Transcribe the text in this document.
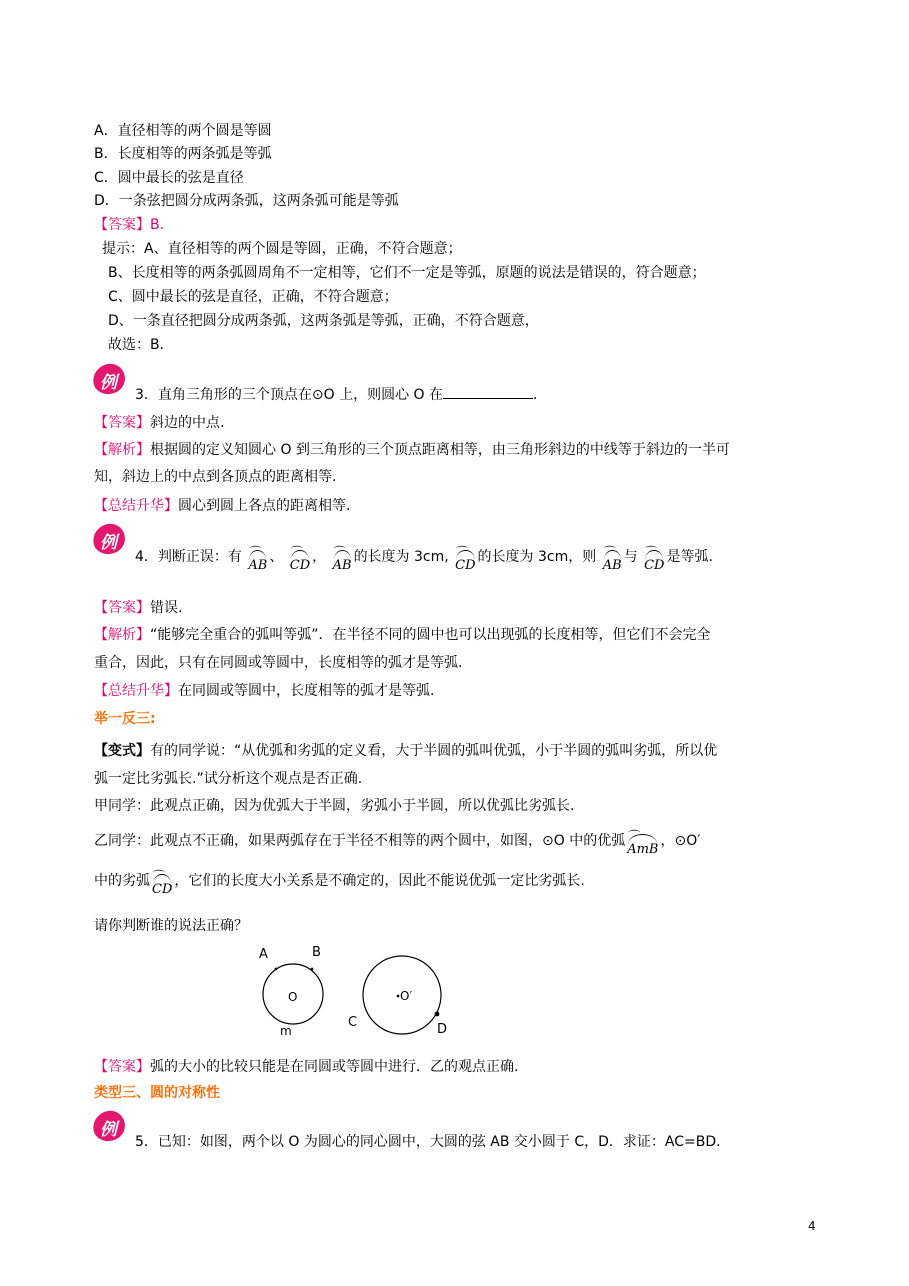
A．直径相等的两个圆是等圆
B．长度相等的两条弧是等弧
C．圆中最长的弦是直径
D．一条弦把圆分成两条弧，这两条弧可能是等弧
【答案】B.
提示：A、直径相等的两个圆是等圆，正确，不符合题意；
B、长度相等的两条弧圆周角不一定相等，它们不一定是等弧，原题的说法是错误的，符合题意；
C、圆中最长的弦是直径，正确，不符合题意；
D、一条直径把圆分成两条弧，这两条弧是等弧，正确，不符合题意，
故选：B．
例
3．直角三角形的三个顶点在⊙O 上，则圆心 O 在	.
【答案】斜边的中点.
【解析】根据圆的定义知圆心 O 到三角形的三个顶点距离相等，由三角形斜边的中线等于斜边的一半可
知，斜边上的中点到各顶点的距离相等.
【总结升华】圆心到圆上各点的距离相等.
例
4．判断正误：有 ⌒
AB、 ⌒
CD， ⌒
AB的长度为 3cm, ⌒
CD的长度为 3cm，则 ⌒
AB与 ⌒
CD是等弧.
【答案】错误.
【解析】“能够完全重合的弧叫等弧”．在半径不同的圆中也可以出现弧的长度相等，但它们不会完全
重合，因此，只有在同圆或等圆中，长度相等的弧才是等弧.
【总结升华】在同圆或等圆中，长度相等的弧才是等弧.
举一反三:
【变式】有的同学说：“从优弧和劣弧的定义看，大于半圆的弧叫优弧，小于半圆的弧叫劣弧，所以优
弧一定比劣弧长.”试分析这个观点是否正确.
甲同学：此观点正确，因为优弧大于半圆，劣弧小于半圆，所以优弧比劣弧长.
乙同学：此观点不正确，如果两弧存在于半径不相等的两个圆中，如图，⊙O 中的优弧 ⌒
AmB，⊙O′
中的劣弧 ⌒
CD，它们的长度大小关系是不确定的，因此不能说优弧一定比劣弧长.
请你判断谁的说法正确？
A	B
O
m
O′
C	D
【答案】弧的大小的比较只能是在同圆或等圆中进行．乙的观点正确.
类型三、圆的对称性
例
5．已知：如图，两个以 O 为圆心的同心圆中，大圆的弦 AB 交小圆于 C，D．求证：AC=BD.
4
